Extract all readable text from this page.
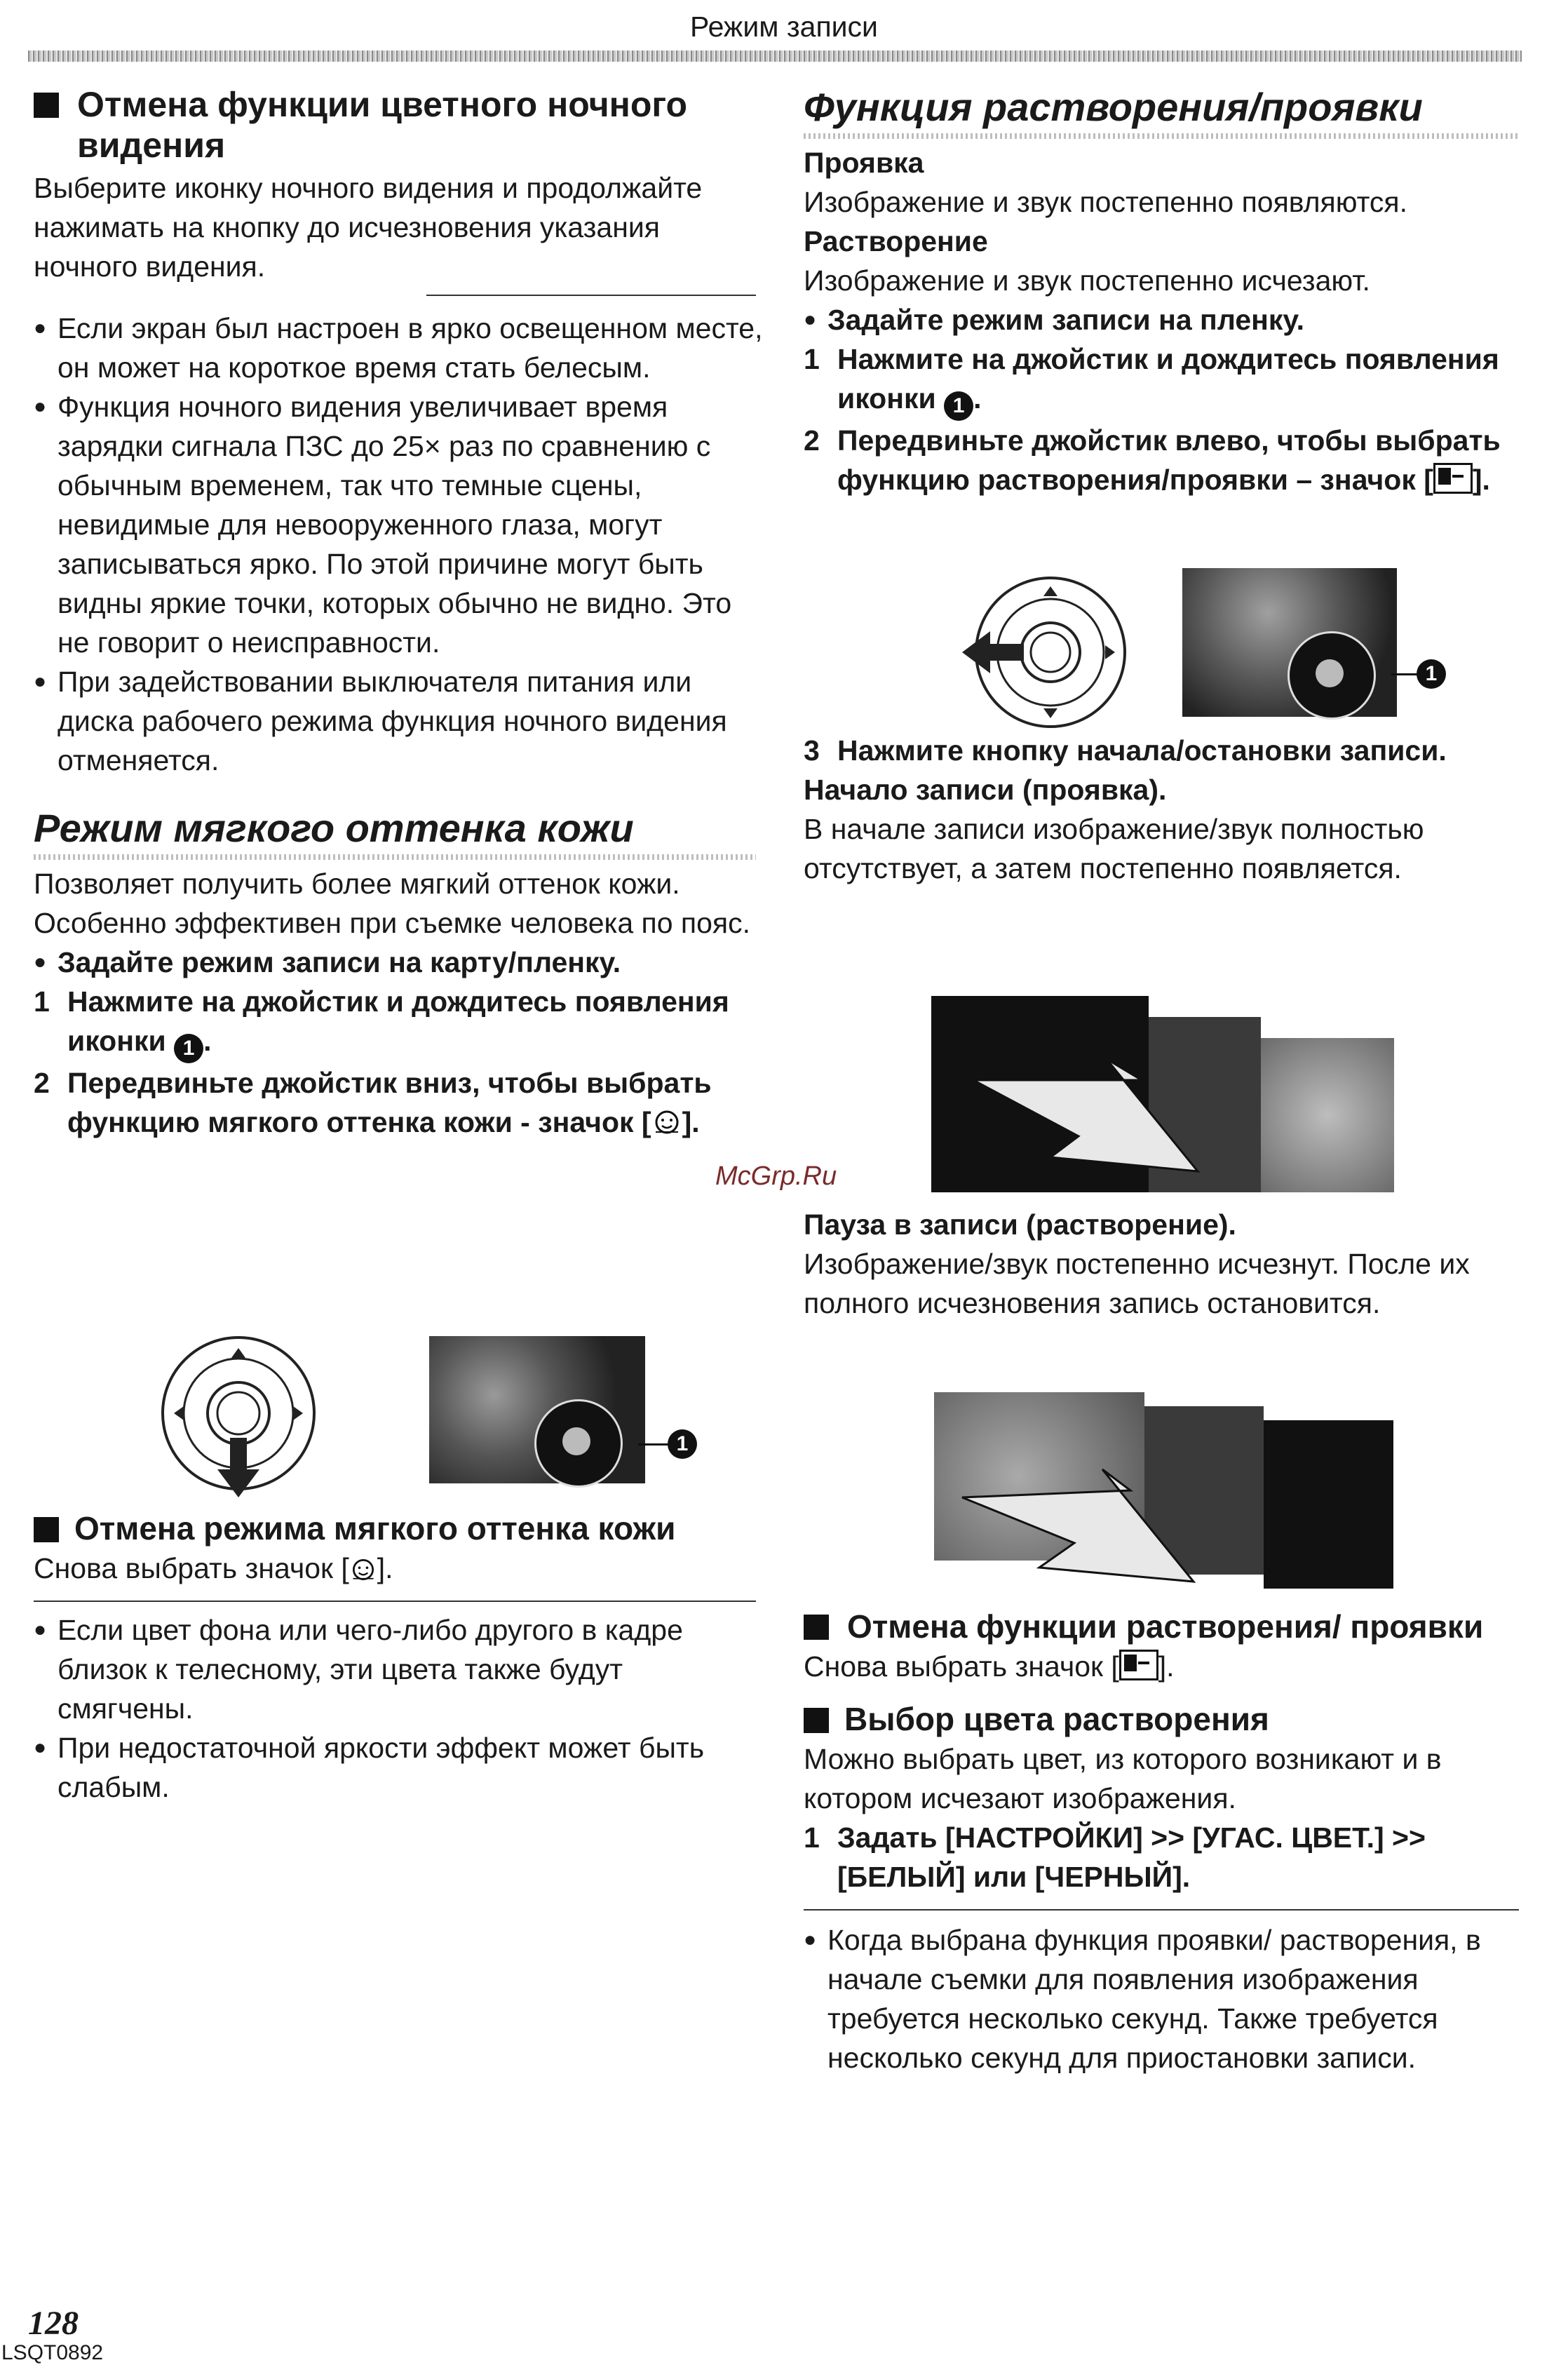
Режим записи
Отмена функции цветного ночного видения
Выберите иконку ночного видения и продолжайте нажимать на кнопку до исчезновения указания ночного видения.
● Если экран был настроен в ярко освещенном месте, он может на короткое время стать белесым.
● Функция ночного видения увеличивает время зарядки сигнала ПЗС до 25× раз по сравнению с обычным временем, так что темные сцены, невидимые для невооруженного глаза, могут записываться ярко. По этой причине могут быть видны яркие точки, которых обычно не видно. Это не говорит о неисправности.
● При задействовании выключателя питания или диска рабочего режима функция ночного видения отменяется.
Режим мягкого оттенка кожи
Позволяет получить более мягкий оттенок кожи. Особенно эффективен при съемке человека по пояс.
● Задайте режим записи на карту/пленку.
1 Нажмите на джойстик и дождитесь появления иконки 1 .
2 Передвиньте джойстик вниз, чтобы выбрать функцию мягкого оттенка кожи - значок [ ].
1
Отмена режима мягкого оттенка кожи
Снова выбрать значок [ ].
● Если цвет фона или чего-либо другого в кадре близок к телесному, эти цвета также будут смягчены.
● При недостаточной яркости эффект может быть слабым.
McGrp.Ru
Функция растворения/проявки
Проявка
Изображение и звук постепенно появляются.
Растворение
Изображение и звук постепенно исчезают.
● Задайте режим записи на пленку.
1 Нажмите на джойстик и дождитесь появления иконки 1 .
2 Передвиньте джойстик влево, чтобы выбрать функцию растворения/проявки – значок [ ].
1
3 Нажмите кнопку начала/остановки записи.
Начало записи (проявка).
В начале записи изображение/звук полностью отсутствует, а затем постепенно появляется.
Пауза в записи (растворение).
Изображение/звук постепенно исчезнут. После их полного исчезновения запись остановится.
Отмена функции растворения/ проявки
Снова выбрать значок [ ].
Выбор цвета растворения
Можно выбрать цвет, из которого возникают и в котором исчезают изображения.
1 Задать [НАСТРОЙКИ] >> [УГАС. ЦВЕТ.] >> [БЕЛЫЙ] или [ЧЕРНЫЙ].
● Когда выбрана функция проявки/ растворения, в начале съемки для появления изображения требуется несколько секунд. Также требуется несколько секунд для приостановки записи.
128
LSQT0892
